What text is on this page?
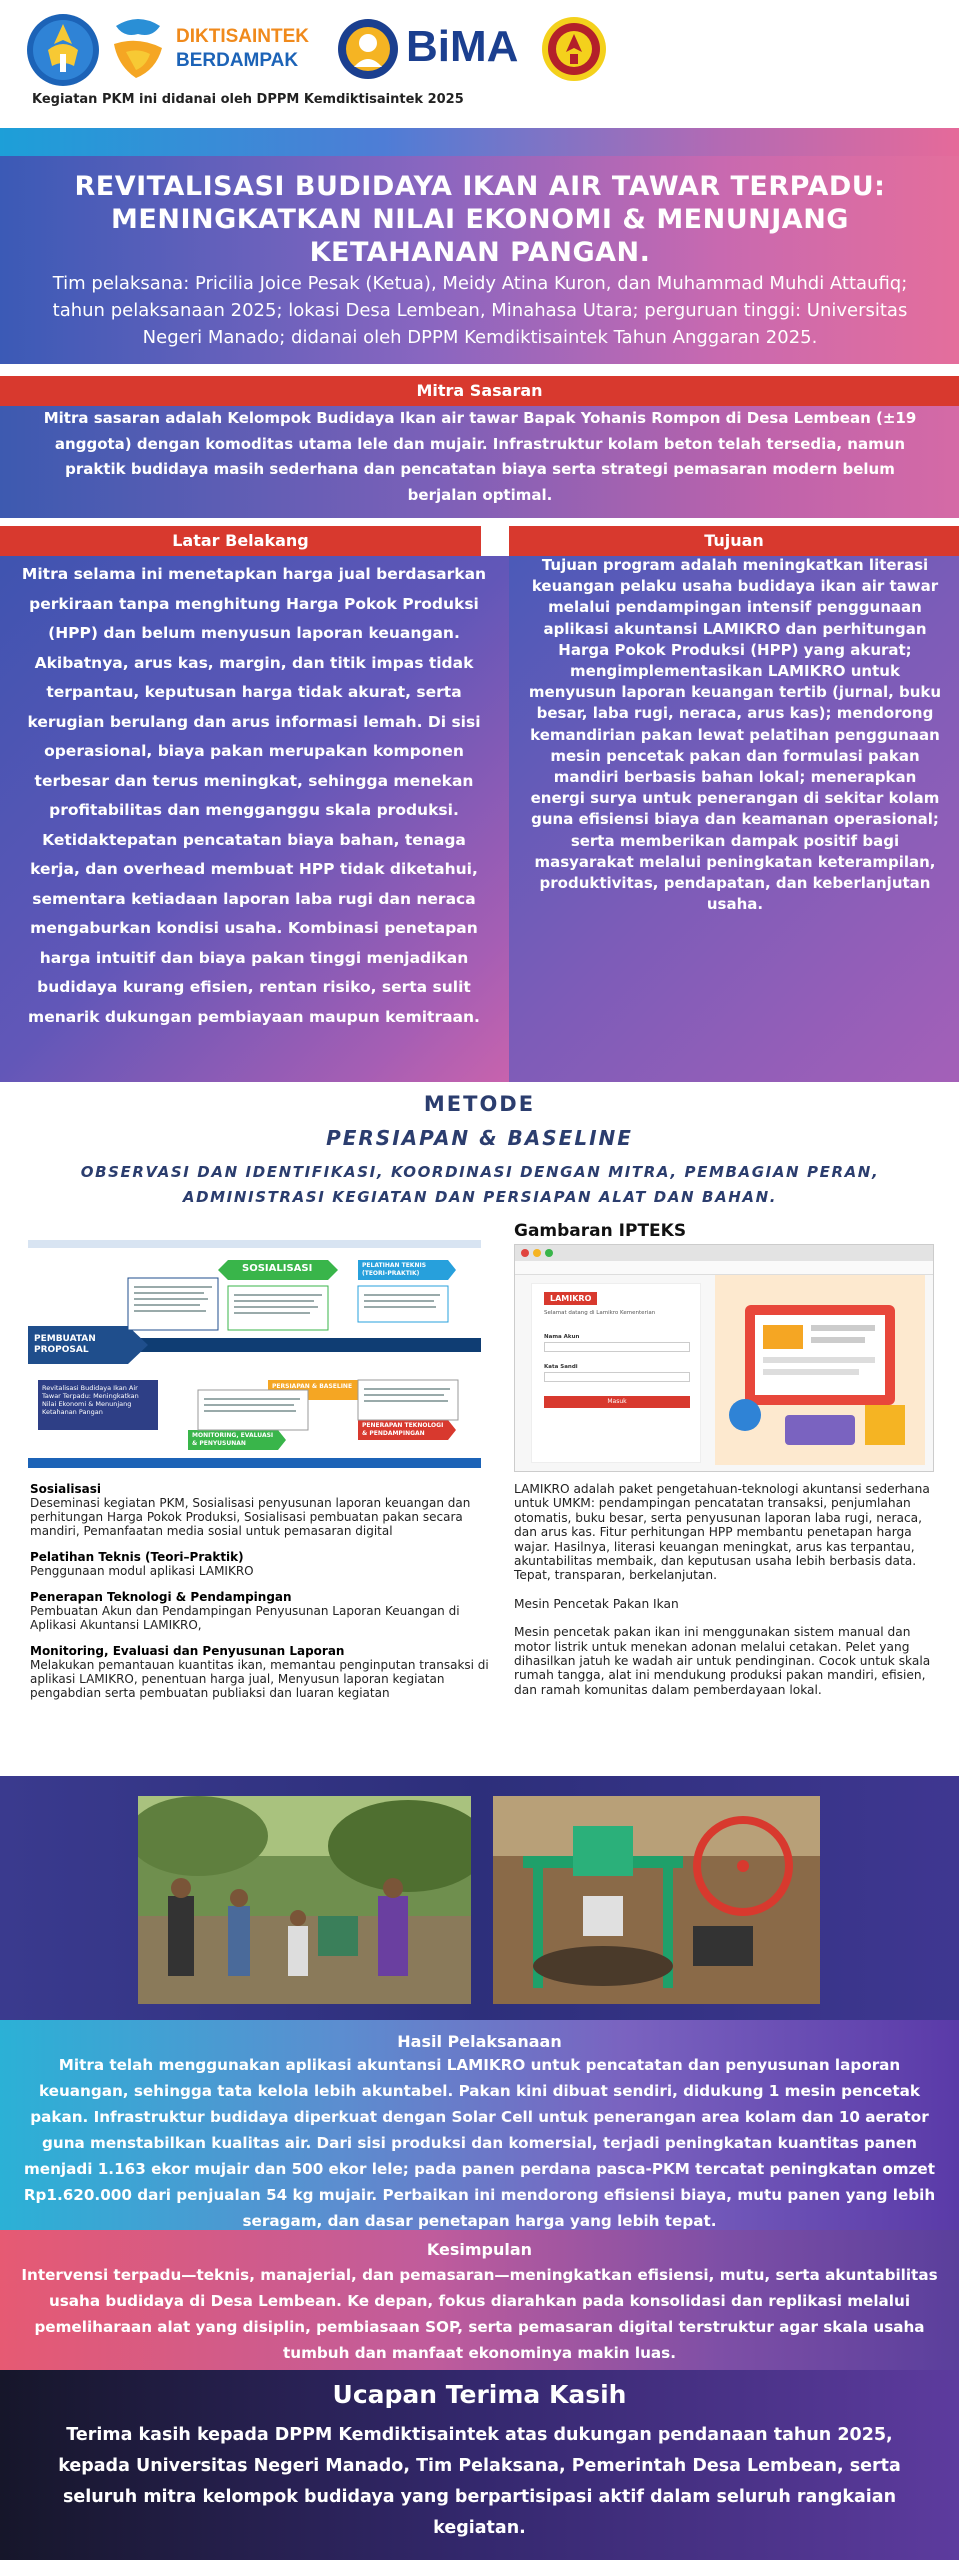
DIKTISAINTEK
BERDAMPAK BiMA
Kegiatan PKM ini didanai oleh DPPM Kemdiktisaintek 2025
REVITALISASI BUDIDAYA IKAN AIR TAWAR TERPADU:
MENINGKATKAN NILAI EKONOMI & MENUNJANG
KETAHANAN PANGAN.
Tim pelaksana: Pricilia Joice Pesak (Ketua), Meidy Atina Kuron, dan Muhammad Muhdi Attaufiq; tahun pelaksanaan 2025; lokasi Desa Lembean, Minahasa Utara; perguruan tinggi: Universitas Negeri Manado; didanai oleh DPPM Kemdiktisaintek Tahun Anggaran 2025.
Mitra Sasaran
Mitra sasaran adalah Kelompok Budidaya Ikan air tawar Bapak Yohanis Rompon di Desa Lembean (±19 anggota) dengan komoditas utama lele dan mujair. Infrastruktur kolam beton telah tersedia, namun praktik budidaya masih sederhana dan pencatatan biaya serta strategi pemasaran modern belum berjalan optimal.
Latar Belakang	Tujuan
Mitra selama ini menetapkan harga jual berdasarkan perkiraan tanpa menghitung Harga Pokok Produksi (HPP) dan belum menyusun laporan keuangan. Akibatnya, arus kas, margin, dan titik impas tidak terpantau, keputusan harga tidak akurat, serta kerugian berulang dan arus informasi lemah. Di sisi operasional, biaya pakan merupakan komponen terbesar dan terus meningkat, sehingga menekan profitabilitas dan mengganggu skala produksi. Ketidaktepatan pencatatan biaya bahan, tenaga kerja, dan overhead membuat HPP tidak diketahui, sementara ketiadaan laporan laba rugi dan neraca mengaburkan kondisi usaha. Kombinasi penetapan harga intuitif dan biaya pakan tinggi menjadikan budidaya kurang efisien, rentan risiko, serta sulit menarik dukungan pembiayaan maupun kemitraan.
Tujuan program adalah meningkatkan literasi keuangan pelaku usaha budidaya ikan air tawar melalui pendampingan intensif penggunaan aplikasi akuntansi LAMIKRO dan perhitungan Harga Pokok Produksi (HPP) yang akurat; mengimplementasikan LAMIKRO untuk menyusun laporan keuangan tertib (jurnal, buku besar, laba rugi, neraca, arus kas); mendorong kemandirian pakan lewat pelatihan penggunaan mesin pencetak pakan dan formulasi pakan mandiri berbasis bahan lokal; menerapkan energi surya untuk penerangan di sekitar kolam guna efisiensi biaya dan keamanan operasional; serta memberikan dampak positif bagi masyarakat melalui peningkatan keterampilan, produktivitas, pendapatan, dan keberlanjutan usaha.
METODE
PERSIAPAN & BASELINE
OBSERVASI DAN IDENTIFIKASI, KOORDINASI DENGAN MITRA, PEMBAGIAN PERAN, ADMINISTRASI KEGIATAN DAN PERSIAPAN ALAT DAN BAHAN.
Gambaran IPTEKS
SOSIALISASI
PEMBUATAN PROPOSAL
PELATIHAN TEKNIS (TEORI-PRAKTIK)
PERSIAPAN & BASELINE
PENERAPAN TEKNOLOGI & PENDAMPINGAN
MONITORING, EVALUASI & PENYUSUNAN
Revitalisasi Budidaya Ikan Air Tawar Terpadu: Meningkatkan Nilai Ekonomi & Menunjang Ketahanan Pangan
LAMIKRO
Selamat datang di Lamikro Kementerian
Nama Akun
Kata Sandi
Masuk
Sosialisasi
Deseminasi kegiatan PKM, Sosialisasi penyusunan laporan keuangan dan perhitungan Harga Pokok Produksi, Sosialisasi pembuatan pakan secara mandiri, Pemanfaatan media sosial untuk pemasaran digital
Pelatihan Teknis (Teori–Praktik)
Penggunaan modul aplikasi LAMIKRO
Penerapan Teknologi & Pendampingan
Pembuatan Akun dan Pendampingan Penyusunan Laporan Keuangan di Aplikasi Akuntansi LAMIKRO,
Monitoring, Evaluasi dan Penyusunan Laporan
Melakukan pemantauan kuantitas ikan, memantau penginputan transaksi di aplikasi LAMIKRO, penentuan harga jual, Menyusun laporan kegiatan pengabdian serta pembuatan publiaksi dan luaran kegiatan

LAMIKRO adalah paket pengetahuan-teknologi akuntansi sederhana untuk UMKM: pendampingan pencatatan transaksi, penjumlahan otomatis, buku besar, serta penyusunan laporan laba rugi, neraca, dan arus kas. Fitur perhitungan HPP membantu penetapan harga wajar. Hasilnya, literasi keuangan meningkat, arus kas terpantau, akuntabilitas membaik, dan keputusan usaha lebih berbasis data. Tepat, transparan, berkelanjutan.

Mesin Pencetak Pakan Ikan

Mesin pencetak pakan ikan ini menggunakan sistem manual dan motor listrik untuk menekan adonan melalui cetakan. Pelet yang dihasilkan jatuh ke wadah air untuk pendinginan. Cocok untuk skala rumah tangga, alat ini mendukung produksi pakan mandiri, efisien, dan ramah komunitas dalam pemberdayaan lokal.

Hasil Pelaksanaan
Mitra telah menggunakan aplikasi akuntansi LAMIKRO untuk pencatatan dan penyusunan laporan keuangan, sehingga tata kelola lebih akuntabel. Pakan kini dibuat sendiri, didukung 1 mesin pencetak pakan. Infrastruktur budidaya diperkuat dengan Solar Cell untuk penerangan area kolam dan 10 aerator guna menstabilkan kualitas air. Dari sisi produksi dan komersial, terjadi peningkatan kuantitas panen menjadi 1.163 ekor mujair dan 500 ekor lele; pada panen perdana pasca-PKM tercatat peningkatan omzet Rp1.620.000 dari penjualan 54 kg mujair. Perbaikan ini mendorong efisiensi biaya, mutu panen yang lebih seragam, dan dasar penetapan harga yang lebih tepat.
Kesimpulan
Intervensi terpadu—teknis, manajerial, dan pemasaran—meningkatkan efisiensi, mutu, serta akuntabilitas usaha budidaya di Desa Lembean. Ke depan, fokus diarahkan pada konsolidasi dan replikasi melalui pemeliharaan alat yang disiplin, pembiasaan SOP, serta pemasaran digital terstruktur agar skala usaha tumbuh dan manfaat ekonominya makin luas.
Ucapan Terima Kasih
Terima kasih kepada DPPM Kemdiktisaintek atas dukungan pendanaan tahun 2025, kepada Universitas Negeri Manado, Tim Pelaksana, Pemerintah Desa Lembean, serta seluruh mitra kelompok budidaya yang berpartisipasi aktif dalam seluruh rangkaian kegiatan.
